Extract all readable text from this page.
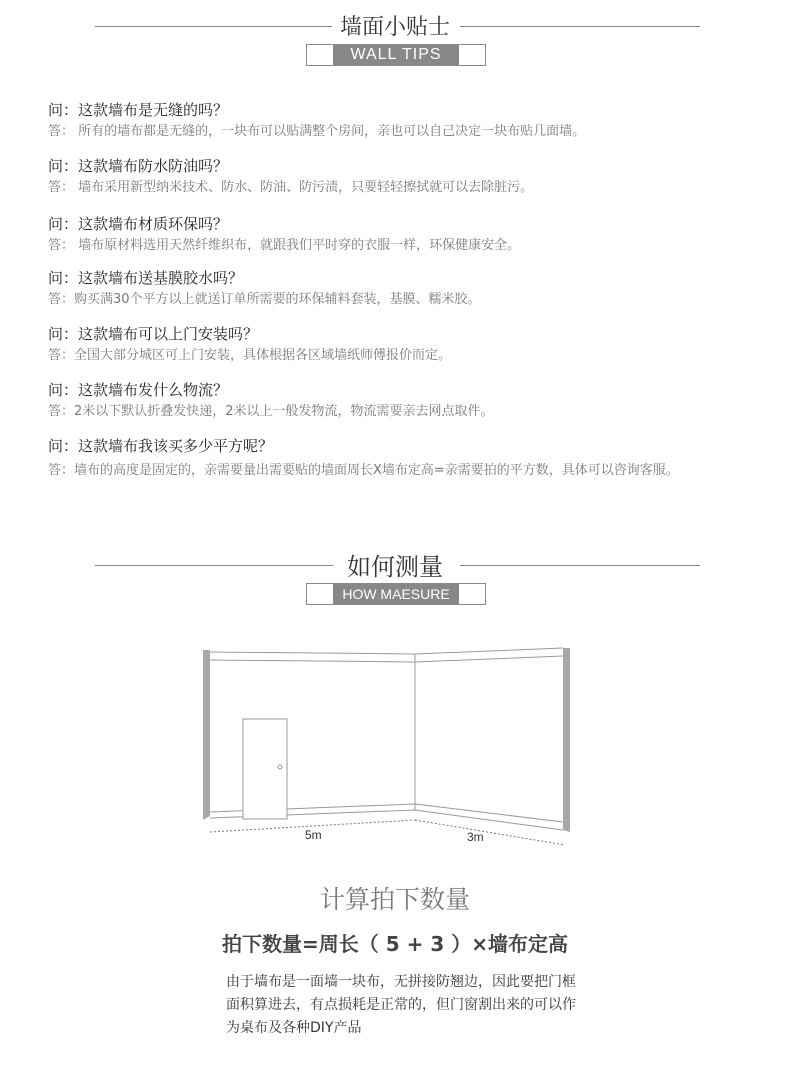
墙面小贴士
WALL TIPS
问：这款墙布是无缝的吗？
答： 所有的墙布都是无缝的，一块布可以贴满整个房间，亲也可以自己决定一块布贴几面墙。
问：这款墙布防水防油吗？
答： 墙布采用新型纳米技术、防水、防油、防污渍，只要轻轻擦拭就可以去除脏污。
问：这款墙布材质环保吗？
答： 墙布原材料选用天然纤维织布，就跟我们平时穿的衣服一样，环保健康安全。
问：这款墙布送基膜胶水吗？
答：购买满30个平方以上就送订单所需要的环保辅料套装，基膜、糯米胶。
问：这款墙布可以上门安装吗？
答：全国大部分城区可上门安装，具体根据各区域墙纸师傅报价而定。
问：这款墙布发什么物流？
答：2米以下默认折叠发快递，2米以上一般发物流，物流需要亲去网点取件。
问：这款墙布我该买多少平方呢？
答：墙布的高度是固定的，亲需要量出需要贴的墙面周长X墙布定高=亲需要拍的平方数，具体可以咨询客服。
如何测量
HOW MAESURE
5m	3m
计算拍下数量
拍下数量=周长（ 5 + 3 ）×墙布定高
由于墙布是一面墙一块布，无拼接防翘边，因此要把门框面积算进去，有点损耗是正常的，但门窗割出来的可以作为桌布及各种DIY产品
